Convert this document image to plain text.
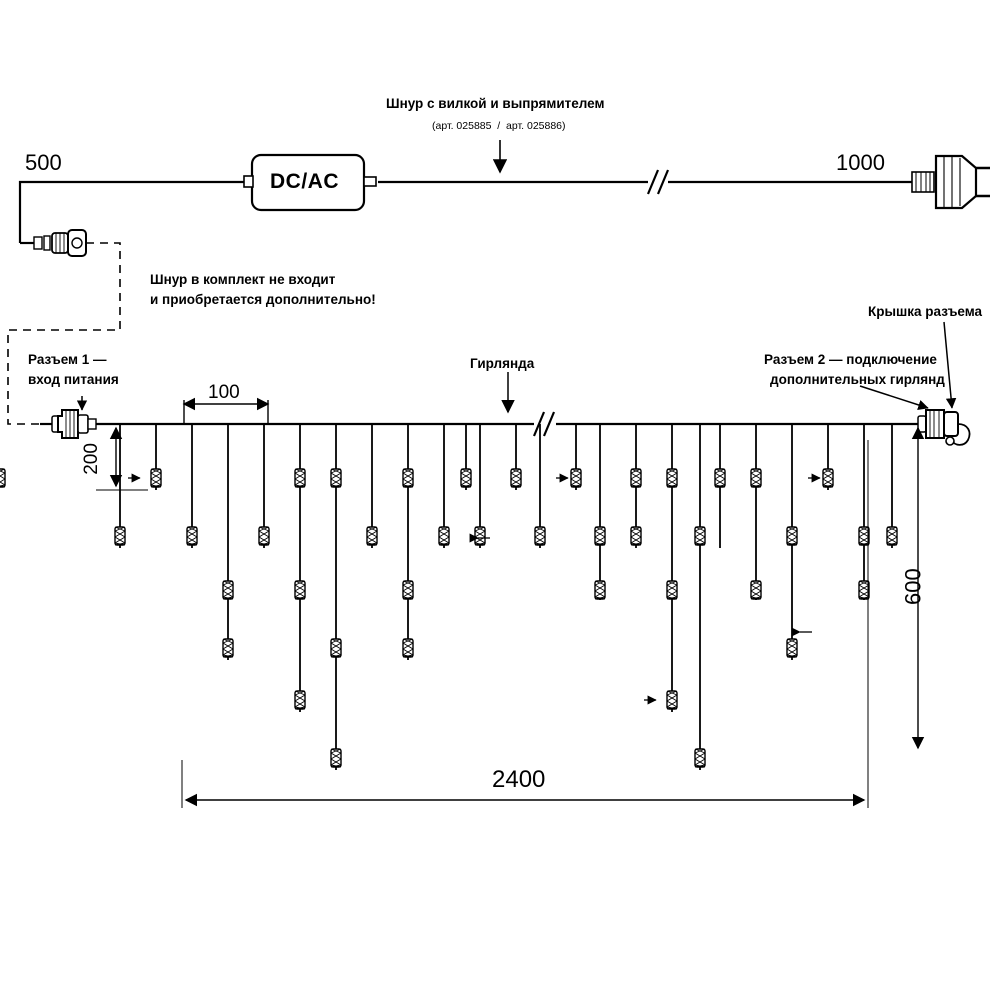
DC/AC
Шнур с вилкой и выпрямителем
(арт. 025885  /  арт. 025886)
500	1000
Шнур в комплект не входит
и приобретается дополнительно!
Разъем 1 —
вход питания
Гирлянда	Разъем 2 — подключение
дополнительных гирлянд
Крышка разъема
100
200
600
2400
